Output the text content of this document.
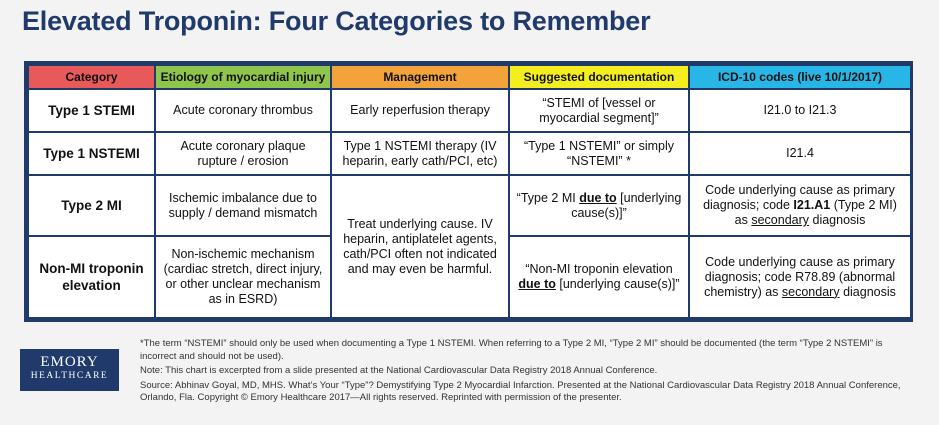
Elevated Troponin: Four Categories to Remember
Category	Etiology of myocardial injury	Management	Suggested documentation	ICD-10 codes (live 10/1/2017)
Type 1 STEMI	Acute coronary thrombus	Early reperfusion therapy	“STEMI of [vessel or myocardial segment]”	I21.0 to I21.3
Type 1 NSTEMI	Acute coronary plaque rupture / erosion	Type 1 NSTEMI therapy (IV heparin, early cath/PCI, etc)	“Type 1 NSTEMI” or simply “NSTEMI” *	I21.4
Type 2 MI	Ischemic imbalance due to supply / demand mismatch	Treat underlying cause. IV heparin, antiplatelet agents, cath/PCI often not indicated and may even be harmful.	“Type 2 MI due to [underlying cause(s)]”	Code underlying cause as primary diagnosis; code I21.A1 (Type 2 MI) as secondary diagnosis
Non-MI troponin elevation	Non-ischemic mechanism (cardiac stretch, direct injury, or other unclear mechanism as in ESRD)		“Non-MI troponin elevation due to [underlying cause(s)]”	Code underlying cause as primary diagnosis; code R78.89 (abnormal chemistry) as secondary diagnosis
EMORY
HEALTHCARE

*The term “NSTEMI” should only be used when documenting a Type 1 NSTEMI. When referring to a Type 2 MI, “Type 2 MI” should be documented (the term “Type 2 NSTEMI” is incorrect and should not be used).

Note: This chart is excerpted from a slide presented at the National Cardiovascular Data Registry 2018 Annual Conference.

Source: Abhinav Goyal, MD, MHS. What’s Your “Type”? Demystifying Type 2 Myocardial Infarction. Presented at the National Cardiovascular Data Registry 2018 Annual Conference, Orlando, Fla. Copyright © Emory Healthcare 2017—All rights reserved. Reprinted with permission of the presenter.
